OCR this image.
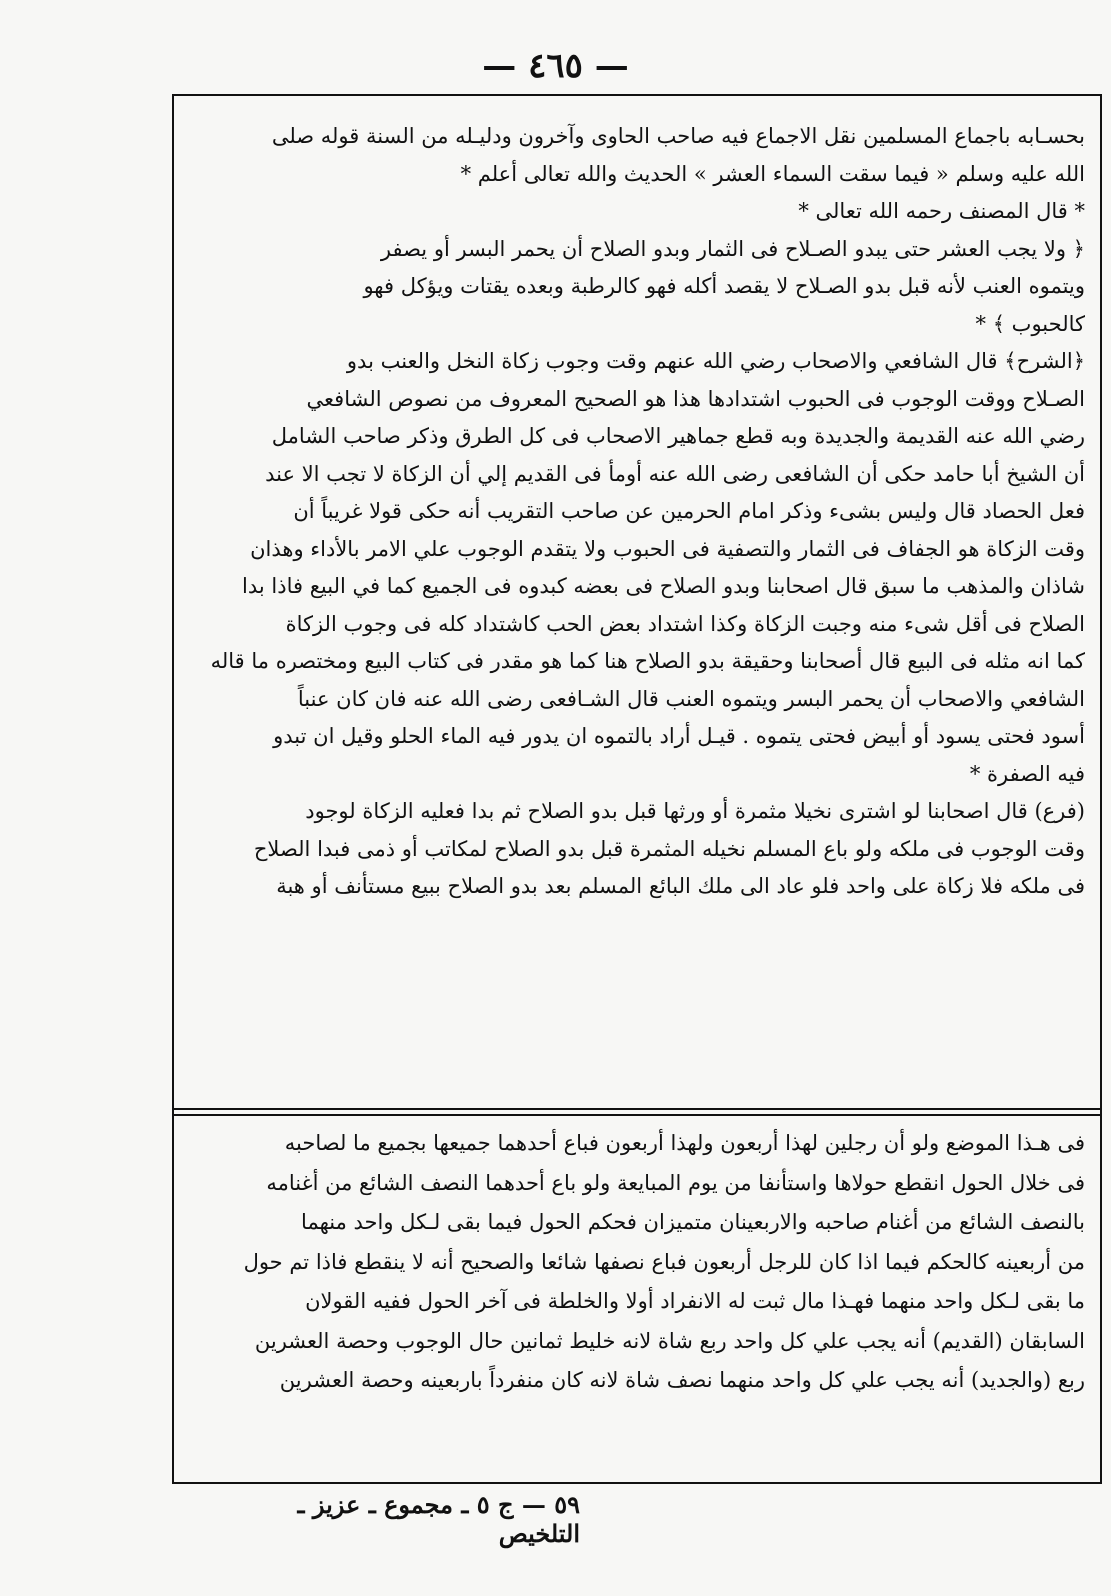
— ٤٦٥ —
بحسـابه باجماع المسلمين نقل الاجماع فيه صاحب الحاوى وآخرون ودليـله من السنة قوله صلى
الله عليه وسلم « فيما سقت السماء العشر » الحديث والله تعالى أعلم *
* قال المصنف رحمه الله تعالى *
﴿ ولا يجب العشر حتى يبدو الصـلاح فى الثمار وبدو الصلاح أن يحمر البسر أو يصفر
ويتموه العنب لأنه قبل بدو الصـلاح لا يقصد أكله فهو كالرطبة وبعده يقتات ويؤكل فهو
كالحبوب ﴾ *
﴿الشرح﴾ قال الشافعي والاصحاب رضي الله عنهم وقت وجوب زكاة النخل والعنب بدو
الصـلاح ووقت الوجوب فى الحبوب اشتدادها هذا هو الصحيح المعروف من نصوص الشافعي
رضي الله عنه القديمة والجديدة وبه قطع جماهير الاصحاب فى كل الطرق وذكر صاحب الشامل
أن الشيخ أبا حامد حكى أن الشافعى رضى الله عنه أومأ فى القديم إلي أن الزكاة لا تجب الا عند
فعل الحصاد قال وليس بشىء وذكر امام الحرمين عن صاحب التقريب أنه حكى قولا غريباً أن
وقت الزكاة هو الجفاف فى الثمار والتصفية فى الحبوب ولا يتقدم الوجوب علي الامر بالأداء وهذان
شاذان والمذهب ما سبق قال اصحابنا وبدو الصلاح فى بعضه كبدوه فى الجميع كما في البيع فاذا بدا
الصلاح فى أقل شىء منه وجبت الزكاة وكذا اشتداد بعض الحب كاشتداد كله فى وجوب الزكاة
كما انه مثله فى البيع قال أصحابنا وحقيقة بدو الصلاح هنا كما هو مقدر فى كتاب البيع ومختصره ما قاله
الشافعي والاصحاب أن يحمر البسر ويتموه العنب قال الشـافعى رضى الله عنه فان كان عنباً
أسود فحتى يسود أو أبيض فحتى يتموه . قيـل أراد بالتموه ان يدور فيه الماء الحلو وقيل ان تبدو
فيه الصفرة *
(فرع) قال اصحابنا لو اشترى نخيلا مثمرة أو ورثها قبل بدو الصلاح ثم بدا فعليه الزكاة لوجود
وقت الوجوب فى ملكه ولو باع المسلم نخيله المثمرة قبل بدو الصلاح لمكاتب أو ذمى فبدا الصلاح
فى ملكه فلا زكاة على واحد فلو عاد الى ملك البائع المسلم بعد بدو الصلاح ببيع مستأنف أو هبة
فى هـذا الموضع ولو أن رجلين لهذا أربعون ولهذا أربعون فباع أحدهما جميعها بجميع ما لصاحبه
فى خلال الحول انقطع حولاها واستأنفا من يوم المبايعة ولو باع أحدهما النصف الشائع من أغنامه
بالنصف الشائع من أغنام صاحبه والاربعينان متميزان فحكم الحول فيما بقى لـكل واحد منهما
من أربعينه كالحكم فيما اذا كان للرجل أربعون فباع نصفها شائعا والصحيح أنه لا ينقطع فاذا تم حول
ما بقى لـكل واحد منهما فهـذا مال ثبت له الانفراد أولا والخلطة فى آخر الحول ففيه القولان
السابقان (القديم) أنه يجب علي كل واحد ربع شاة لانه خليط ثمانين حال الوجوب وحصة العشرين
ربع (والجديد) أنه يجب علي كل واحد منهما نصف شاة لانه كان منفرداً باربعينه وحصة العشرين
٥٩ — ج ٥ ـ مجموع ـ عزيز ـ التلخيص
